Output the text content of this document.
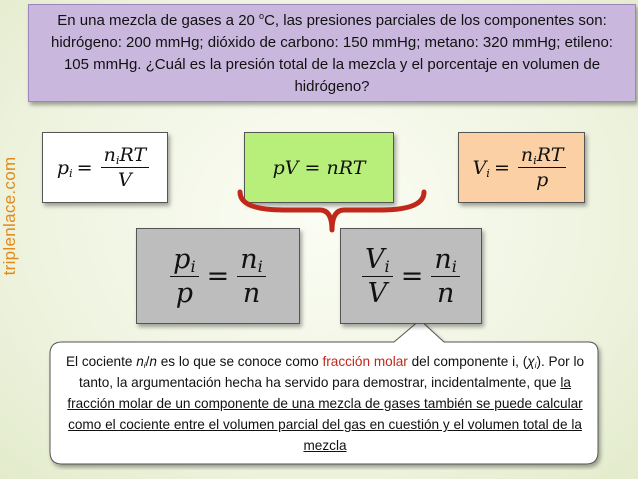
En una mezcla de gases a 20 $^o$C, las presiones parciales de los componentes son: hidrógeno: 200 mmHg; dióxido de carbono: 150 mmHg; metano: 320 mmHg; etileno: 105 mmHg. ¿Cuál es la presión total de la mezcla y el porcentaje en volumen de hidrógeno?
triplenlace.com $p_i = \frac{n_iRT}{V}$	pV = nRT	$V_i = \frac{n_iRT}{p}$
$\frac{p_i}{p} = \frac{n_i}{n}$
El cociente $n_i/n$ es lo que se conoce como fracción molar del componente i, $(\chi_i)$. Por lo tanto, la argumentación hecha ha servido para demostrar, incidentalmente, que la fracción molar de un componente de una mezcla de gases también se puede calcular como el cociente entre el volumen parcial del gas en cuestión y el volumen total de la mezcla
$\frac{V_i}{V} = \frac{n_i}{n}$
